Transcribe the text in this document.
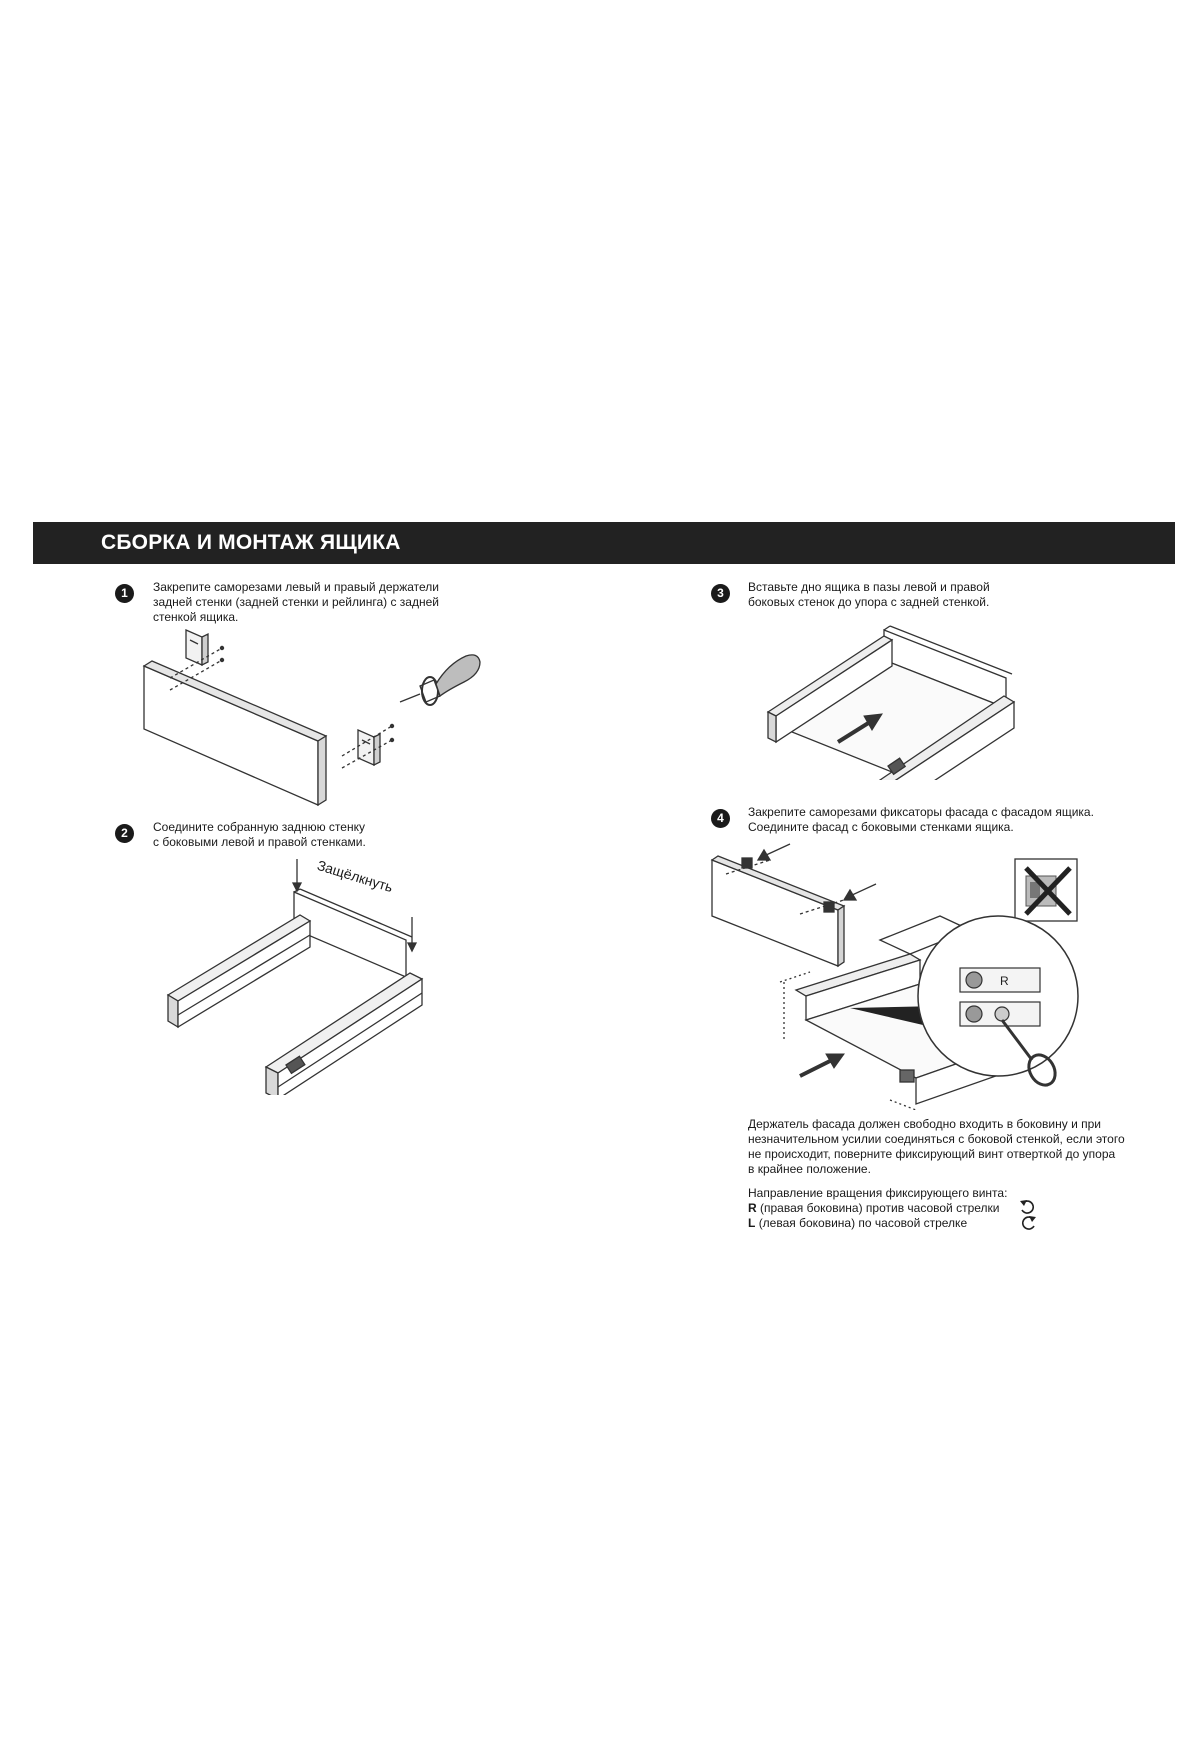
СБОРКА И МОНТАЖ ЯЩИКА
1	Закрепите саморезами левый и правый держатели
задней стенки (задней стенки и рейлинга) с задней
стенкой ящика.
2	Соедините собранную заднюю стенку
с боковыми левой и правой стенками.
Защёлкнуть
3	Вставьте дно ящика в пазы левой и правой
боковых стенок до упора с задней стенкой.
4	Закрепите саморезами фиксаторы фасада с фасадом ящика.
Соедините фасад с боковыми стенками ящика.
R
Держатель фасада должен свободно входить в боковину и при
незначительном усилии соединяться с боковой стенкой, если этого
не происходит, поверните фиксирующий винт отверткой до упора
в крайнее положение.
Направление вращения фиксирующего винта:
R (правая боковина) против часовой стрелки
L (левая боковина) по часовой стрелке
